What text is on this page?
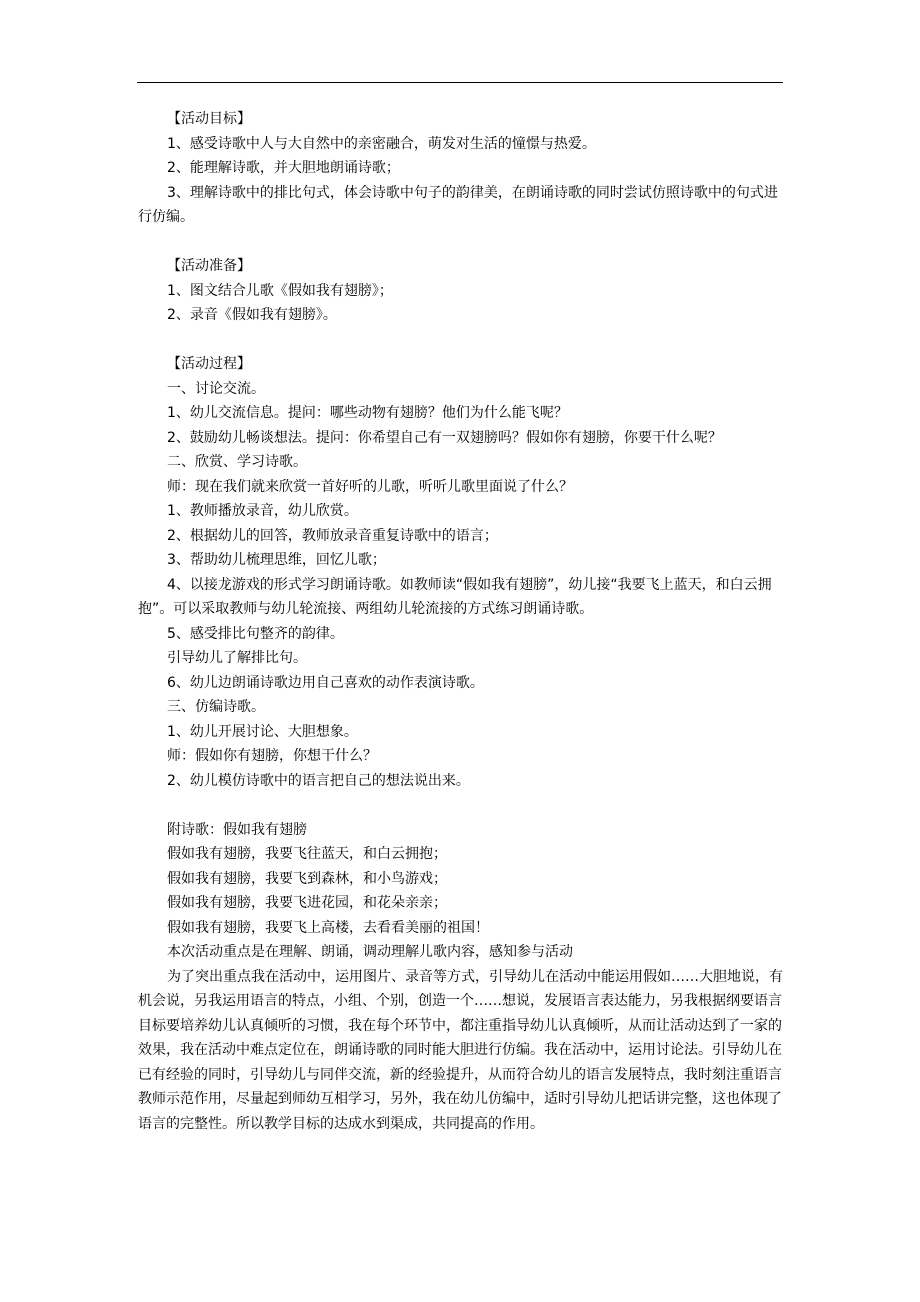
【活动目标】
1、感受诗歌中人与大自然中的亲密融合，萌发对生活的憧憬与热爱。
2、能理解诗歌，并大胆地朗诵诗歌；
3、理解诗歌中的排比句式，体会诗歌中句子的韵律美，在朗诵诗歌的同时尝试仿照诗歌中的句式进行仿编。
【活动准备】
1、图文结合儿歌《假如我有翅膀》；
2、录音《假如我有翅膀》。
【活动过程】
一、讨论交流。
1、幼儿交流信息。提问：哪些动物有翅膀？他们为什么能飞呢？
2、鼓励幼儿畅谈想法。提问：你希望自己有一双翅膀吗？假如你有翅膀，你要干什么呢？
二、欣赏、学习诗歌。
师：现在我们就来欣赏一首好听的儿歌，听听儿歌里面说了什么？
1、教师播放录音，幼儿欣赏。
2、根据幼儿的回答，教师放录音重复诗歌中的语言；
3、帮助幼儿梳理思维，回忆儿歌；
4、以接龙游戏的形式学习朗诵诗歌。如教师读“假如我有翅膀”，幼儿接“我要飞上蓝天，和白云拥抱”。可以采取教师与幼儿轮流接、两组幼儿轮流接的方式练习朗诵诗歌。
5、感受排比句整齐的韵律。
引导幼儿了解排比句。
6、幼儿边朗诵诗歌边用自己喜欢的动作表演诗歌。
三、仿编诗歌。
1、幼儿开展讨论、大胆想象。
师：假如你有翅膀，你想干什么？
2、幼儿模仿诗歌中的语言把自己的想法说出来。
附诗歌：假如我有翅膀
假如我有翅膀，我要飞往蓝天，和白云拥抱；
假如我有翅膀，我要飞到森林，和小鸟游戏；
假如我有翅膀，我要飞进花园，和花朵亲亲；
假如我有翅膀，我要飞上高楼，去看看美丽的祖国！
本次活动重点是在理解、朗诵，调动理解儿歌内容，感知参与活动
为了突出重点我在活动中，运用图片、录音等方式，引导幼儿在活动中能运用假如……大胆地说，有机会说，另我运用语言的特点，小组、个别，创造一个……想说，发展语言表达能力，另我根据纲要语言目标要培养幼儿认真倾听的习惯，我在每个环节中，都注重指导幼儿认真倾听，从而让活动达到了一家的效果，我在活动中难点定位在，朗诵诗歌的同时能大胆进行仿编。我在活动中，运用讨论法。引导幼儿在已有经验的同时，引导幼儿与同伴交流，新的经验提升，从而符合幼儿的语言发展特点，我时刻注重语言教师示范作用，尽量起到师幼互相学习，另外，我在幼儿仿编中，适时引导幼儿把话讲完整，这也体现了语言的完整性。所以教学目标的达成水到渠成，共同提高的作用。
